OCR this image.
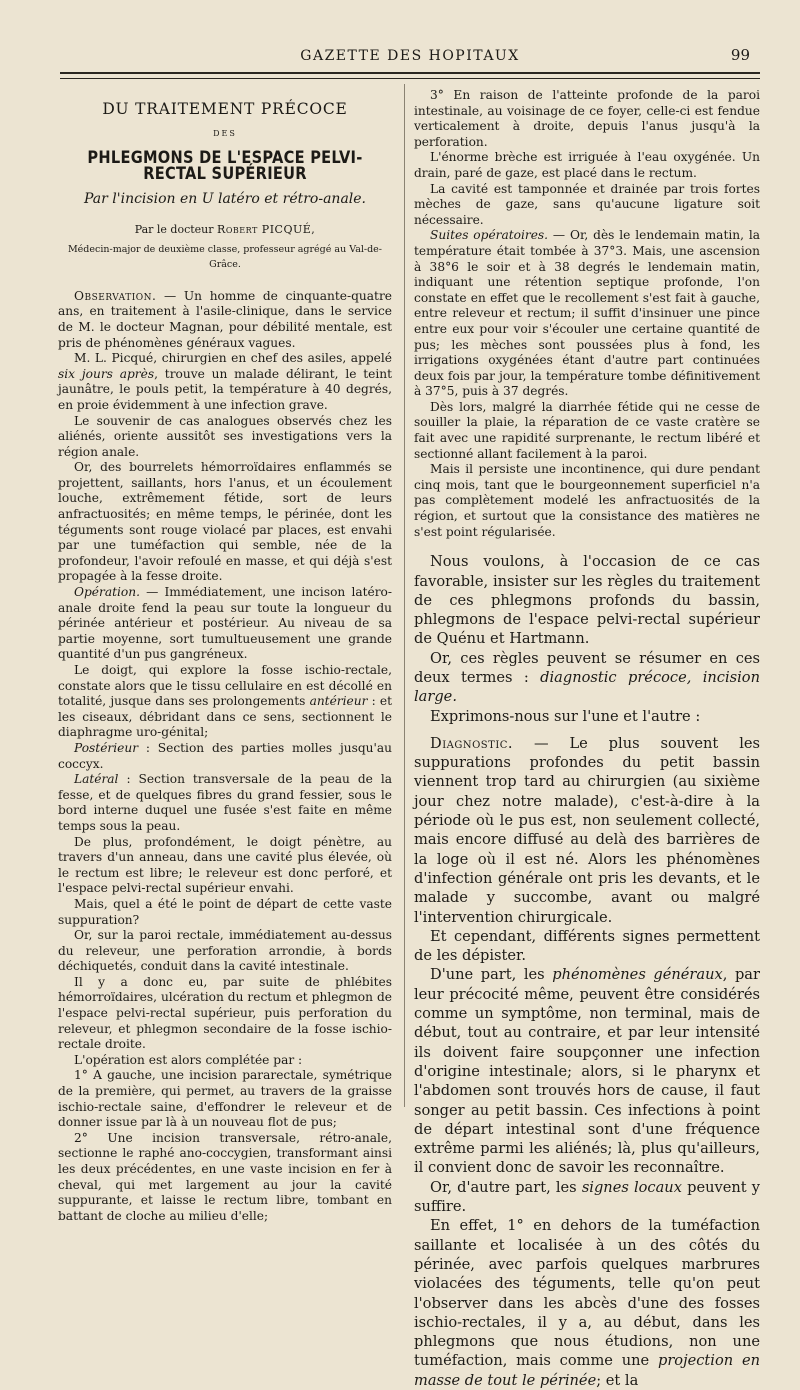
GAZETTE DES HOPITAUX	99
DU TRAITEMENT PRÉCOCE
DES
PHLEGMONS DE L'ESPACE PELVI-RECTAL SUPÉRIEUR
Par l'incision en U latéro et rétro-anale.
Par le docteur Robert PICQUÉ,
Médecin-major de deuxième classe, professeur agrégé au Val-de-Grâce.

Observation. — Un homme de cinquante-quatre ans, en traitement à l'asile-clinique, dans le service de M. le docteur Magnan, pour débilité mentale, est pris de phénomènes généraux vagues.

M. L. Picqué, chirurgien en chef des asiles, appelé six jours après, trouve un malade délirant, le teint jaunâtre, le pouls petit, la température à 40 degrés, en proie évidemment à une infection grave.

Le souvenir de cas analogues observés chez les aliénés, oriente aussitôt ses investigations vers la région anale.

Or, des bourrelets hémorroïdaires enflammés se projettent, saillants, hors l'anus, et un écoulement louche, extrêmement fétide, sort de leurs anfractuosités; en même temps, le périnée, dont les téguments sont rouge violacé par places, est envahi par une tuméfaction qui semble, née de la profondeur, l'avoir refoulé en masse, et qui déjà s'est propagée à la fesse droite.

Opération. — Immédiatement, une incison latéro-anale droite fend la peau sur toute la longueur du périnée antérieur et postérieur. Au niveau de sa partie moyenne, sort tumultueusement une grande quantité d'un pus gangréneux.

Le doigt, qui explore la fosse ischio-rectale, constate alors que le tissu cellulaire en est décollé en totalité, jusque dans ses prolongements antérieur : et les ciseaux, débridant dans ce sens, sectionnent le diaphragme uro-génital;

Postérieur : Section des parties molles jusqu'au coccyx.

Latéral : Section transversale de la peau de la fesse, et de quelques fibres du grand fessier, sous le bord interne duquel une fusée s'est faite en même temps sous la peau.

De plus, profondément, le doigt pénètre, au travers d'un anneau, dans une cavité plus élevée, où le rectum est libre; le releveur est donc perforé, et l'espace pelvi-rectal supérieur envahi.

Mais, quel a été le point de départ de cette vaste suppuration?

Or, sur la paroi rectale, immédiatement au-dessus du releveur, une perforation arrondie, à bords déchiquetés, conduit dans la cavité intestinale.

Il y a donc eu, par suite de phlébites hémorroïdaires, ulcération du rectum et phlegmon de l'espace pelvi-rectal supérieur, puis perforation du releveur, et phlegmon secondaire de la fosse ischio-rectale droite.

L'opération est alors complétée par :

1° A gauche, une incision pararectale, symétrique de la première, qui permet, au travers de la graisse ischio-rectale saine, d'effondrer le releveur et de donner issue par là à un nouveau flot de pus;

2° Une incision transversale, rétro-anale, sectionne le raphé ano-coccygien, transformant ainsi les deux précédentes, en une vaste incision en fer à cheval, qui met largement au jour la cavité suppurante, et laisse le rectum libre, tombant en battant de cloche au milieu d'elle;

3° En raison de l'atteinte profonde de la paroi intestinale, au voisinage de ce foyer, celle-ci est fendue verticalement à droite, depuis l'anus jusqu'à la perforation.

L'énorme brèche est irriguée à l'eau oxygénée. Un drain, paré de gaze, est placé dans le rectum.

La cavité est tamponnée et drainée par trois fortes mèches de gaze, sans qu'aucune ligature soit nécessaire.

Suites opératoires. — Or, dès le lendemain matin, la température était tombée à 37°3. Mais, une ascension à 38°6 le soir et à 38 degrés le lendemain matin, indiquant une rétention septique profonde, l'on constate en effet que le recollement s'est fait à gauche, entre releveur et rectum; il suffit d'insinuer une pince entre eux pour voir s'écouler une certaine quantité de pus; les mèches sont poussées plus à fond, les irrigations oxygénées étant d'autre part continuées deux fois par jour, la température tombe définitivement à 37°5, puis à 37 degrés.

Dès lors, malgré la diarrhée fétide qui ne cesse de souiller la plaie, la réparation de ce vaste cratère se fait avec une rapidité surprenante, le rectum libéré et sectionné allant facilement à la paroi.

Mais il persiste une incontinence, qui dure pendant cinq mois, tant que le bourgeonnement superficiel n'a pas complètement modelé les anfractuosités de la région, et surtout que la consistance des matières ne s'est point régularisée.

Nous voulons, à l'occasion de ce cas favorable, insister sur les règles du traitement de ces phlegmons profonds du bassin, phlegmons de l'espace pelvi-rectal supérieur de Quénu et Hartmann.

Or, ces règles peuvent se résumer en ces deux termes : diagnostic précoce, incision large.

Exprimons-nous sur l'une et l'autre :

Diagnostic. — Le plus souvent les suppurations profondes du petit bassin viennent trop tard au chirurgien (au sixième jour chez notre malade), c'est-à-dire à la période où le pus est, non seulement collecté, mais encore diffusé au delà des barrières de la loge où il est né. Alors les phénomènes d'infection générale ont pris les devants, et le malade y succombe, avant ou malgré l'intervention chirurgicale.

Et cependant, différents signes permettent de les dépister.

D'une part, les phénomènes généraux, par leur précocité même, peuvent être considérés comme un symptôme, non terminal, mais de début, tout au contraire, et par leur intensité ils doivent faire soupçonner une infection d'origine intestinale; alors, si le pharynx et l'abdomen sont trouvés hors de cause, il faut songer au petit bassin. Ces infections à point de départ intestinal sont d'une fréquence extrême parmi les aliénés; là, plus qu'ailleurs, il convient donc de savoir les reconnaître.

Or, d'autre part, les signes locaux peuvent y suffire.

En effet, 1° en dehors de la tuméfaction saillante et localisée à un des côtés du périnée, avec parfois quelques marbrures violacées des téguments, telle qu'on peut l'observer dans les abcès d'une des fosses ischio-rectales, il y a, au début, dans les phlegmons que nous étudions, non une tuméfaction, mais comme une projection en masse de tout le périnée; et la
